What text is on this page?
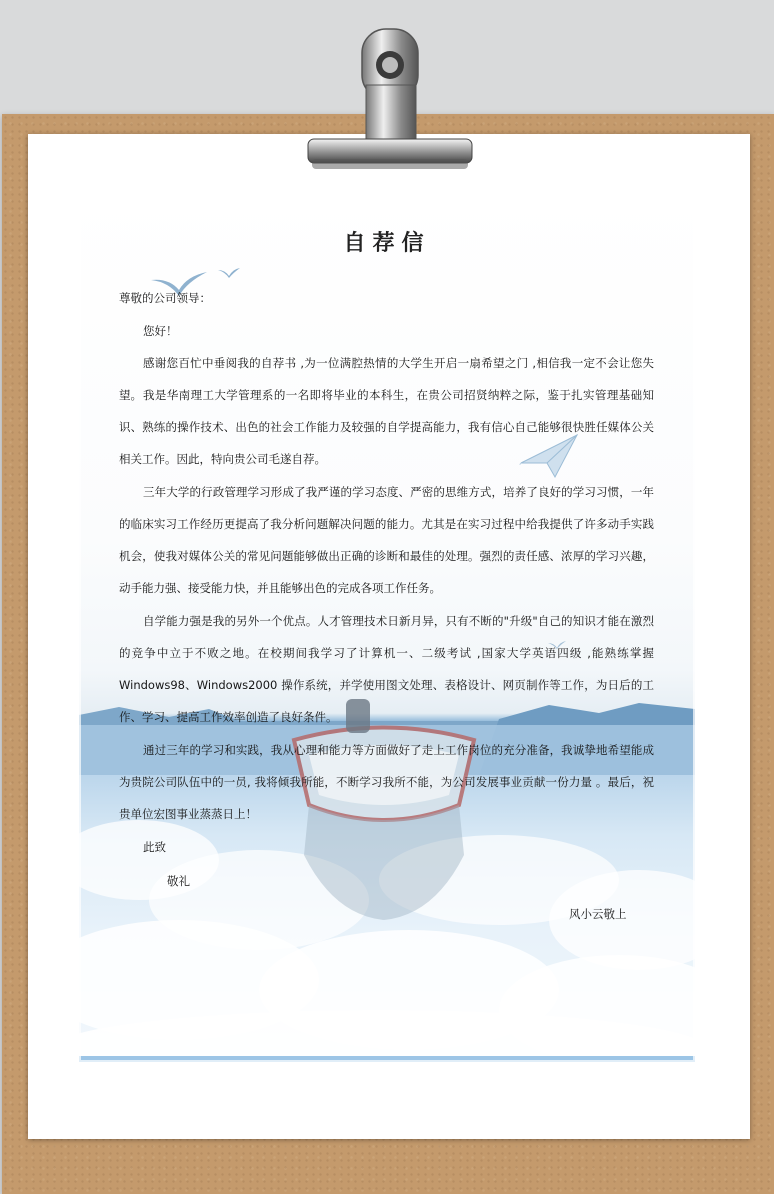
自荐信

尊敬的公司领导：

您好！

感谢您百忙中垂阅我的自荐书 ,为一位满腔热情的大学生开启一扇希望之门 ,相信我一定不会让您失望。 我是华南理工大学管理系的一名即将毕业的本科生，在贵公司招贤纳粹之际，鉴于扎实管理基础知识、熟练的操作技术、出色的社会工作能力及较强的自学提高能力，我有信心自己能够很快胜任媒体公关相关工作。因此，特向贵公司毛遂自荐。

三年大学的行政管理学习形成了我严谨的学习态度、严密的思维方式，培养了良好的学习习惯，一年的临床实习工作经历更提高了我分析问题解决问题的能力。尤其是在实习过程中给我提供了许多动手实践机会，使我对媒体公关的常见问题能够做出正确的诊断和最佳的处理。强烈的责任感、浓厚的学习兴趣，动手能力强、接受能力快，并且能够出色的完成各项工作任务。

自学能力强是我的另外一个优点。人才管理技术日新月异，只有不断的"升级"自己的知识才能在激烈的竞争中立于不败之地。在校期间我学习了计算机一、二级考试 ,国家大学英语四级 ,能熟练掌握 Windows98、Windows2000 操作系统，并学使用图文处理、表格设计、网页制作等工作，为日后的工作、学习、提高工作效率创造了良好条件。

通过三年的学习和实践，我从心理和能力等方面做好了走上工作岗位的充分准备，我诚挚地希望能成为贵院公司队伍中的一员, 我将倾我所能，不断学习我所不能，为公司发展事业贡献一份力量 。最后，祝贵单位宏图事业蒸蒸日上！

此致

敬礼

风小云敬上
